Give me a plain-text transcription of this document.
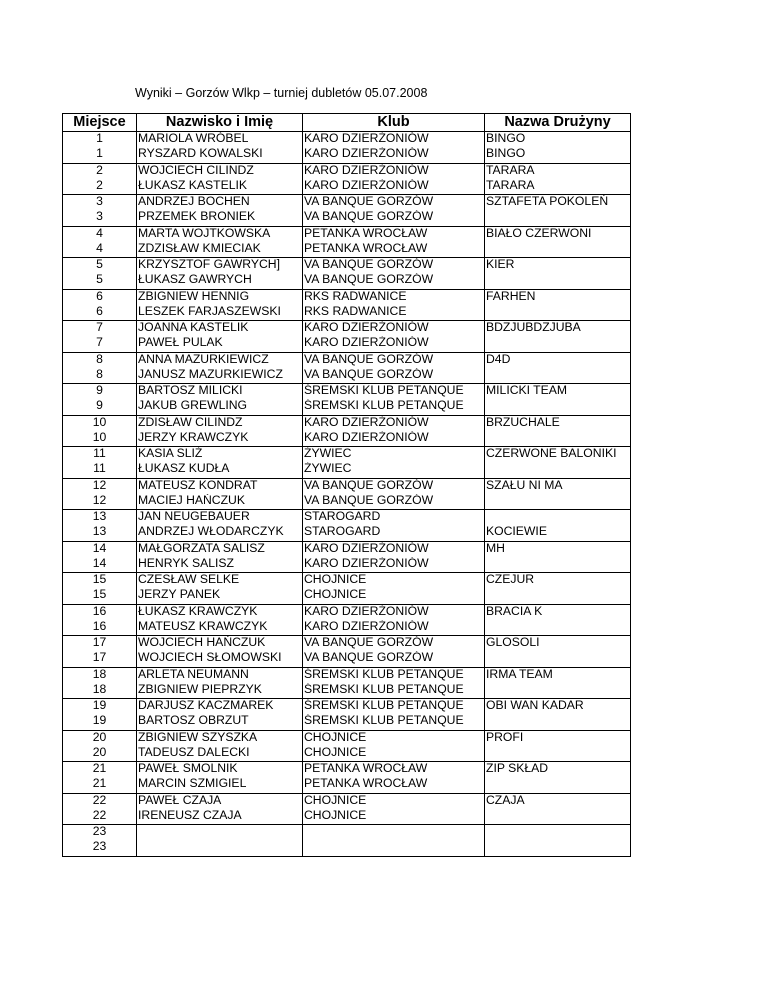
Wyniki – Gorzów Wlkp – turniej dubletów 05.07.2008
Miejsce	Nazwisko i Imię	Klub	Nazwa Drużyny
1	MARIOLA WRÓBEL	KARO DZIERŻONIÓW	BINGO
1	RYSZARD KOWALSKI	KARO DZIERŻONIÓW	BINGO
2	WOJCIECH CILINDZ	KARO DZIERŻONIÓW	TARARA
2	ŁUKASZ KASTELIK	KARO DZIERŻONIÓW	TARARA
3	ANDRZEJ BOCHEN	VA BANQUE GORZÓW	SZTAFETA POKOLEŃ
3	PRZEMEK BRONIEK	VA BANQUE GORZÓW	
4	MARTA WOJTKOWSKA	PETANKA WROCŁAW	BIAŁO CZERWONI
4	ZDZISŁAW KMIECIAK	PETANKA WROCŁAW	
5	KRZYSZTOF GAWRYCH]	VA BANQUE GORZÓW	KIER
5	ŁUKASZ GAWRYCH	VA BANQUE GORZÓW	
6	ZBIGNIEW HENNIG	RKS RADWANICE	FARHEN
6	LESZEK FARJASZEWSKI	RKS RADWANICE	
7	JOANNA KASTELIK	KARO DZIERŻONIÓW	BDZJUBDZJUBA
7	PAWEŁ PULAK	KARO DZIERŻONIÓW	
8	ANNA MAZURKIEWICZ	VA BANQUE GORZÓW	D4D
8	JANUSZ MAZURKIEWICZ	VA BANQUE GORZÓW	
9	BARTOSZ MILICKI	ŚREMSKI KLUB PETANQUE	MILICKI TEAM
9	JAKUB GREWLING	ŚREMSKI KLUB PETANQUE	
10	ZDISŁAW CILINDZ	KARO DZIERŻONIÓW	BRZUCHALE
10	JERZY KRAWCZYK	KARO DZIERŻONIÓW	
11	KASIA SLIŻ	ŻYWIEC	CZERWONE BALONIKI
11	ŁUKASZ KUDŁA	ŻYWIEC	
12	MATEUSZ KONDRAT	VA BANQUE GORZÓW	SZAŁU NI MA
12	MACIEJ HAŃCZUK	VA BANQUE GORZÓW	
13	JAN NEUGEBAUER	STAROGARD	
13	ANDRZEJ WŁODARCZYK	STAROGARD	KOCIEWIE
14	MAŁGORZATA SALISZ	KARO DZIERŻONIÓW	MH
14	HENRYK SALISZ	KARO DZIERŻONIÓW	
15	CZESŁAW SELKE	CHOJNICE	CZEJUR
15	JERZY PANEK	CHOJNICE	
16	ŁUKASZ KRAWCZYK	KARO DZIERŻONIÓW	BRACIA K
16	MATEUSZ KRAWCZYK	KARO DZIERŻONIÓW	
17	WOJCIECH HAŃCZUK	VA BANQUE GORZÓW	GLOSOLI
17	WOJCIECH SŁOMOWSKI	VA BANQUE GORZÓW	
18	ARLETA NEUMANN	ŚREMSKI KLUB PETANQUE	IRMA TEAM
18	ZBIGNIEW PIEPRZYK	ŚREMSKI KLUB PETANQUE	
19	DARJUSZ KACZMAREK	ŚREMSKI KLUB PETANQUE	OBI WAN KADAR
19	BARTOSZ OBRZUT	ŚREMSKI KLUB PETANQUE	
20	ZBIGNIEW SZYSZKA	CHOJNICE	PROFI
20	TADEUSZ DALECKI	CHOJNICE	
21	PAWEŁ SMOLNIK	PETANKA WROCŁAW	ZIP SKŁAD
21	MARCIN SZMIGIEL	PETANKA WROCŁAW	
22	PAWEŁ CZAJA	CHOJNICE	CZAJA
22	IRENEUSZ CZAJA	CHOJNICE	
23			
23			
